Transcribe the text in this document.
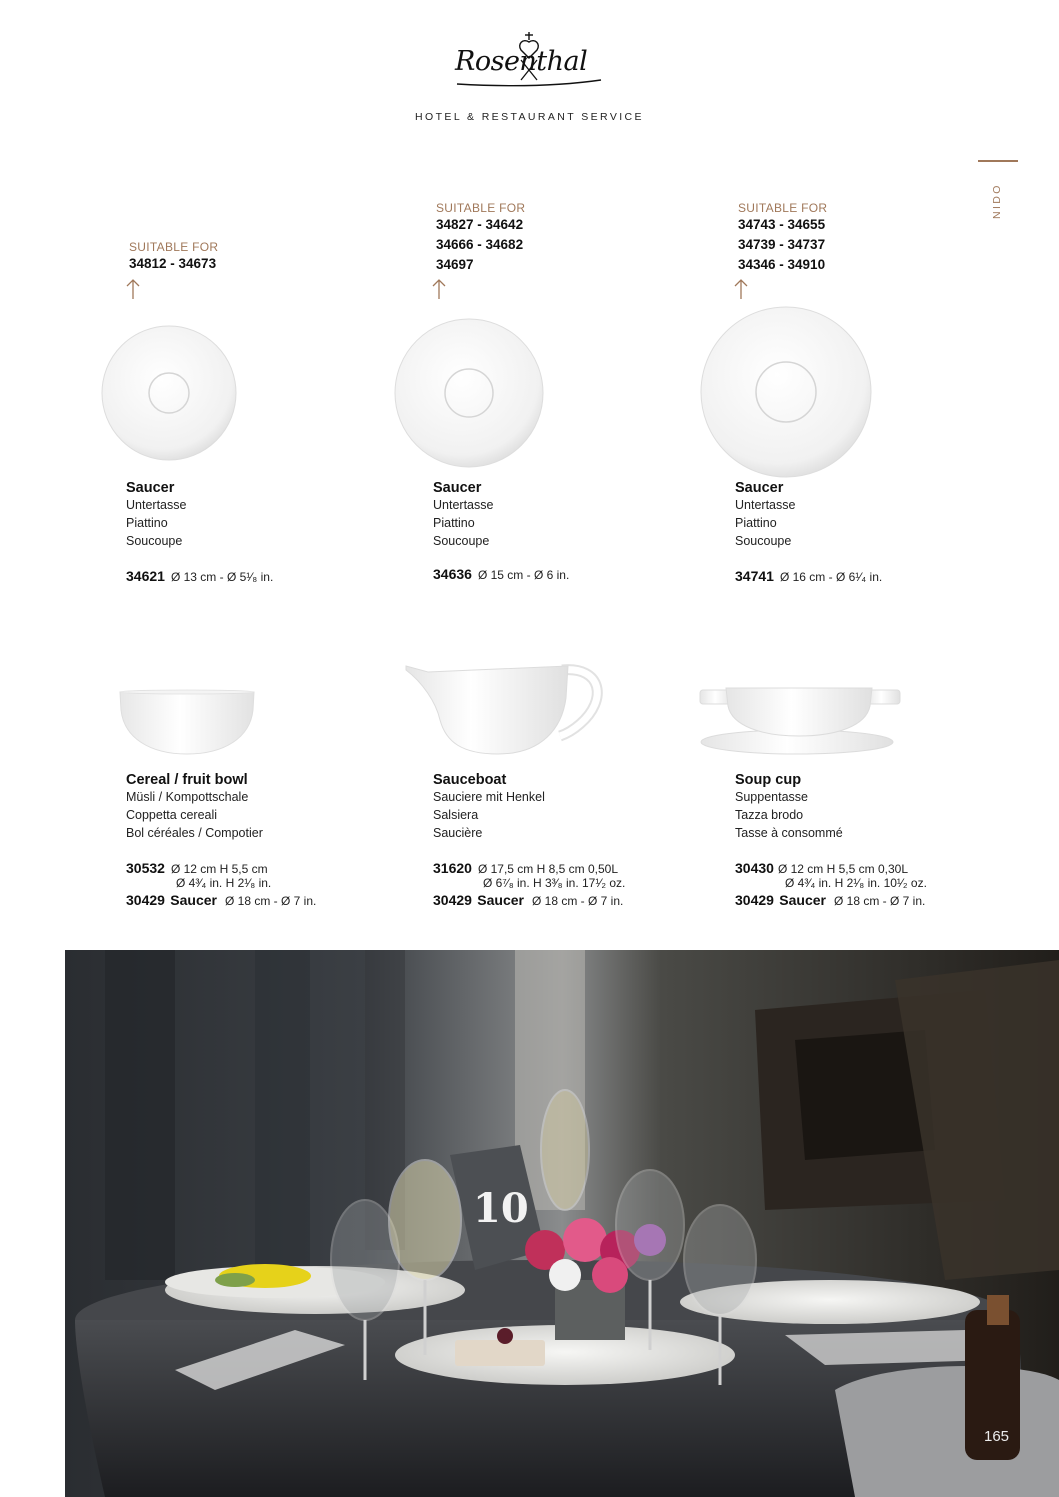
Rosenthal
HOTEL & RESTAURANT SERVICE
NIDO
SUITABLE FOR
34812 - 34673
SUITABLE FOR
34827 - 34642
34666 - 34682
34697
SUITABLE FOR
34743 - 34655
34739 - 34737
34346 - 34910
Saucer
Untertasse
Piattino
Soucoupe
34621 Ø 13 cm - Ø 5¹⁄₈ in.
Saucer
Untertasse
Piattino
Soucoupe
34636 Ø 15 cm - Ø 6 in.
Saucer
Untertasse
Piattino
Soucoupe
34741 Ø 16 cm - Ø 6¹⁄₄ in.
Cereal / fruit bowl
Müsli / Kompottschale
Coppetta cereali
Bol céréales / Compotier
30532 Ø 12 cm H 5,5 cm
Ø 4³⁄₄ in. H 2¹⁄₈ in.
30429 Saucer Ø 18 cm - Ø 7 in.
Sauceboat
Sauciere mit Henkel
Salsiera
Saucière
31620 Ø 17,5 cm H 8,5 cm 0,50L
Ø 6⁷⁄₈ in. H 3³⁄₈ in. 17¹⁄₂ oz.
30429 Saucer Ø 18 cm - Ø 7 in.
Soup cup
Suppentasse
Tazza brodo
Tasse à consommé
30430 Ø 12 cm H 5,5 cm 0,30L
Ø 4³⁄₄ in. H 2¹⁄₈ in. 10¹⁄₂ oz.
30429 Saucer Ø 18 cm - Ø 7 in.
10
165
